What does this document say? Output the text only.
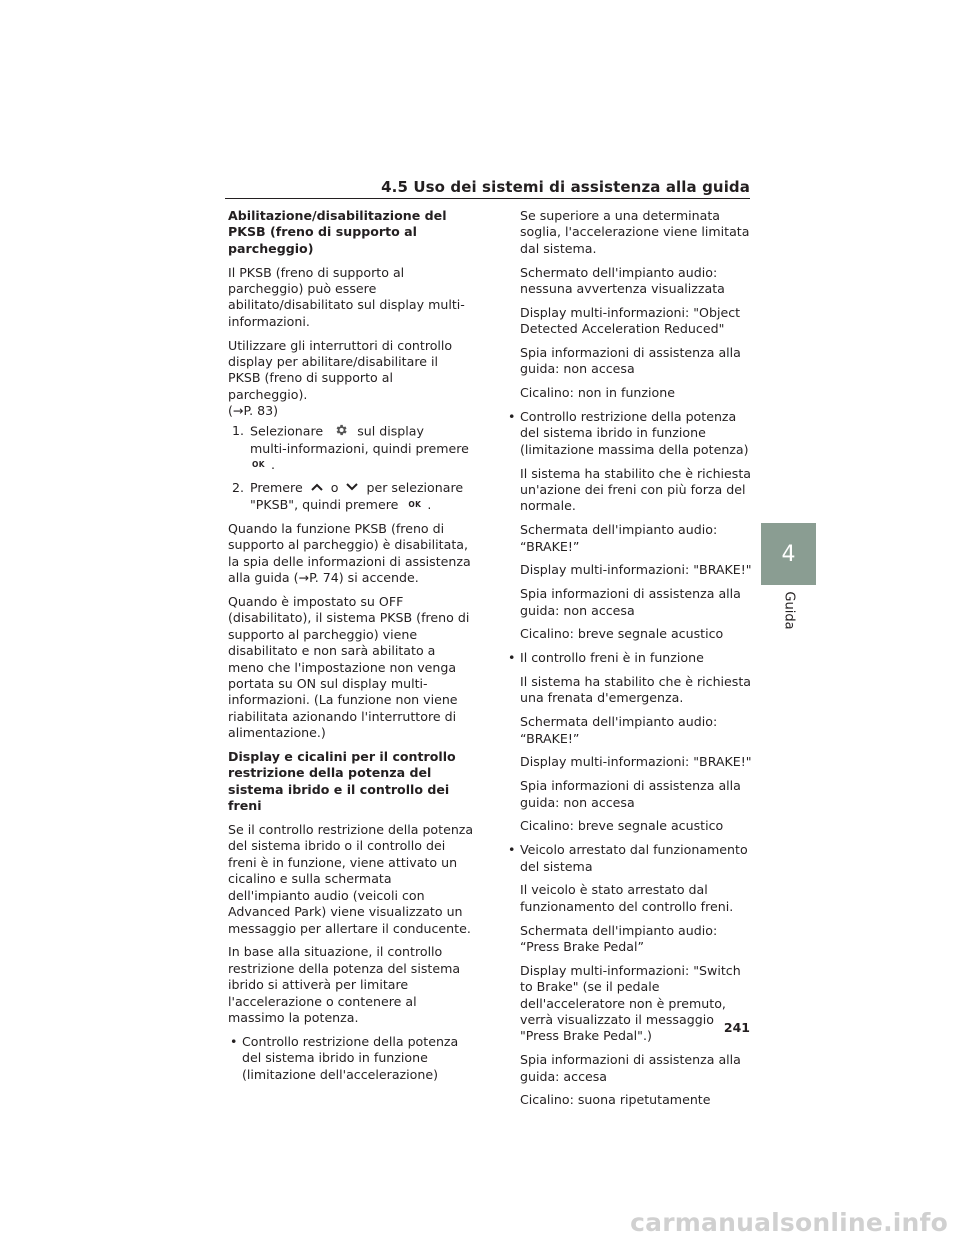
4.5 Uso dei sistemi di assistenza alla guida

Abilitazione/disabilitazione del PKSB (freno di supporto al parcheggio)

Il PKSB (freno di supporto al parcheggio) può essere abilitato/disabilitato sul display multi-informazioni.

Utilizzare gli interruttori di controllo display per abilitare/disabilitare il PKSB (freno di supporto al parcheggio).

(→P. 83)

1. Selezionare	sul display
multi-informazioni, quindi premere
OK .
2. Premere o per selezionare
"PKSB", quindi premere OK .

Quando la funzione PKSB (freno di supporto al parcheggio) è disabilitata, la spia delle informazioni di assistenza alla guida (→P. 74) si accende.

Quando è impostato su OFF (disabilitato), il sistema PKSB (freno di supporto al parcheggio) viene disabilitato e non sarà abilitato a meno che l'impostazione non venga portata su ON sul display multi-informazioni. (La funzione non viene riabilitata azionando l'interruttore di alimentazione.)

Display e cicalini per il controllo restrizione della potenza del sistema ibrido e il controllo dei freni

Se il controllo restrizione della potenza del sistema ibrido o il controllo dei freni è in funzione, viene attivato un cicalino e sulla schermata dell'impianto audio (veicoli con Advanced Park) viene visualizzato un messaggio per allertare il conducente.

In base alla situazione, il controllo restrizione della potenza del sistema ibrido si attiverà per limitare l'accelerazione o contenere al massimo la potenza.

• Controllo restrizione della potenza del sistema ibrido in funzione (limitazione dell'accelerazione)

Se superiore a una determinata soglia, l'accelerazione viene limitata dal sistema.

Schermato dell'impianto audio: nessuna avvertenza visualizzata

Display multi-informazioni: "Object Detected Acceleration Reduced"

Spia informazioni di assistenza alla guida: non accesa

Cicalino: non in funzione

• Controllo restrizione della potenza del sistema ibrido in funzione (limitazione massima della potenza)

Il sistema ha stabilito che è richiesta un'azione dei freni con più forza del normale.

Schermata dell'impianto audio: “BRAKE!”

Display multi-informazioni: "BRAKE!"

Spia informazioni di assistenza alla guida: non accesa

Cicalino: breve segnale acustico

• Il controllo freni è in funzione

Il sistema ha stabilito che è richiesta una frenata d'emergenza.

Schermata dell'impianto audio: “BRAKE!”

Display multi-informazioni: "BRAKE!"

Spia informazioni di assistenza alla guida: non accesa

Cicalino: breve segnale acustico

• Veicolo arrestato dal funzionamento del sistema

Il veicolo è stato arrestato dal funzionamento del controllo freni.

Schermata dell'impianto audio: “Press Brake Pedal”

Display multi-informazioni: "Switch to Brake" (se il pedale dell'acceleratore non è premuto, verrà visualizzato il messaggio "Press Brake Pedal".)

Spia informazioni di assistenza alla guida: accesa

Cicalino: suona ripetutamente

4
Guida
241
carmanualsonline.info
